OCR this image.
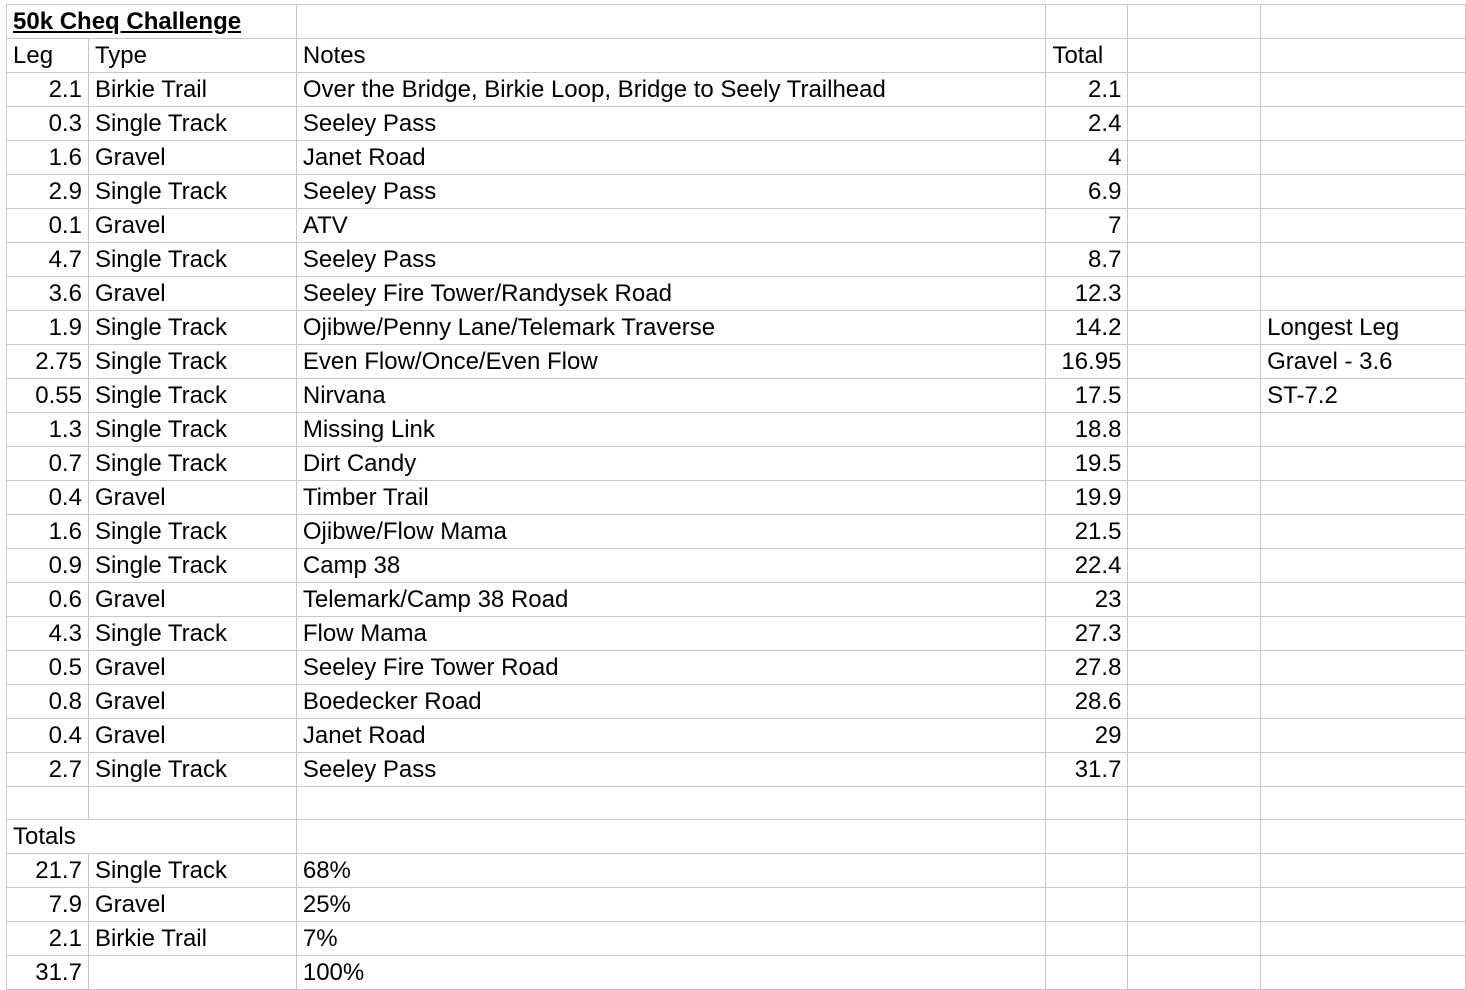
50k Cheq Challenge					
Leg	Type	Notes	Total		
2.1	Birkie Trail	Over the Bridge, Birkie Loop, Bridge to Seely Trailhead	2.1		
0.3	Single Track	Seeley Pass	2.4		
1.6	Gravel	Janet Road	4		
2.9	Single Track	Seeley Pass	6.9		
0.1	Gravel	ATV	7		
4.7	Single Track	Seeley Pass	8.7		
3.6	Gravel	Seeley Fire Tower/Randysek Road	12.3		
1.9	Single Track	Ojibwe/Penny Lane/Telemark Traverse	14.2		Longest Leg
2.75	Single Track	Even Flow/Once/Even Flow	16.95		Gravel - 3.6
0.55	Single Track	Nirvana	17.5		ST-7.2
1.3	Single Track	Missing Link	18.8		
0.7	Single Track	Dirt Candy	19.5		
0.4	Gravel	Timber Trail	19.9		
1.6	Single Track	Ojibwe/Flow Mama	21.5		
0.9	Single Track	Camp 38	22.4		
0.6	Gravel	Telemark/Camp 38 Road	23		
4.3	Single Track	Flow Mama	27.3		
0.5	Gravel	Seeley Fire Tower Road	27.8		
0.8	Gravel	Boedecker Road	28.6		
0.4	Gravel	Janet Road	29		
2.7	Single Track	Seeley Pass	31.7		

Totals					
21.7	Single Track	68%			
7.9	Gravel	25%			
2.1	Birkie Trail	7%			
31.7		100%			
